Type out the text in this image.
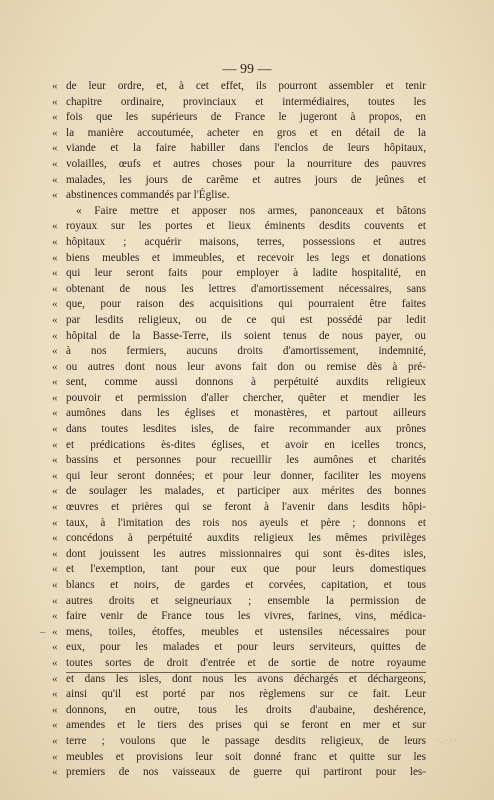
— 99 —
« de leur ordre, et, à cet effet, ils pourront assembler et tenir
« chapitre ordinaire, provinciaux et intermédiaires, toutes les
« fois que les supérieurs de France le jugeront à propos, en
« la manière accoutumée, acheter en gros et en détail de la
« viande et la faire habiller dans l'enclos de leurs hôpitaux,
« volailles, œufs et autres choses pour la nourriture des pauvres
« malades, les jours de carême et autres jours de jeûnes et
« abstinences commandés par l'Église.
« Faire mettre et apposer nos armes, panonceaux et bâtons
« royaux sur les portes et lieux éminents desdits couvents et
« hôpitaux ; acquérir maisons, terres, possessions et autres
« biens meubles et immeubles, et recevoir les legs et donations
« qui leur seront faits pour employer à ladite hospitalité, en
« obtenant de nous les lettres d'amortissement nécessaires, sans
« que, pour raison des acquisitions qui pourraient être faites
« par lesdits religieux, ou de ce qui est possédé par ledit
« hôpital de la Basse-Terre, ils soient tenus de nous payer, ou
« à nos fermiers, aucuns droits d'amortissement, indemnité,
« ou autres dont nous leur avons fait don ou remise dès à pré-
« sent, comme aussi donnons à perpétuité auxdits religieux
« pouvoir et permission d'aller chercher, quêter et mendier les
« aumônes dans les églises et monastères, et partout ailleurs
« dans toutes lesdites isles, de faire recommander aux prônes
« et prédications ès-dites églises, et avoir en icelles troncs,
« bassins et personnes pour recueillir les aumônes et charités
« qui leur seront données; et pour leur donner, faciliter les moyens
« de soulager les malades, et participer aux mérites des bonnes
« œuvres et prières qui se feront à l'avenir dans lesdits hôpi-
« taux, à l'imitation des rois nos ayeuls et père ; donnons et
« concédons à perpétuité auxdits religieux les mêmes privilèges
« dont jouissent les autres missionnaires qui sont ès-dites isles,
« et l'exemption, tant pour eux que pour leurs domestiques
« blancs et noirs, de gardes et corvées, capitation, et tous
« autres droits et seigneuriaux ; ensemble la permission de
« faire venir de France tous les vivres, farines, vins, médica-
– « mens, toiles, étoffes, meubles et ustensiles nécessaires pour
« eux, pour les malades et pour leurs serviteurs, quittes de
« toutes sortes de droit d'entrée et de sortie de notre royaume
« et dans les isles, dont nous les avons déchargés et déchargeons,
« ainsi qu'il est porté par nos règlemens sur ce fait. Leur
« donnons, en outre, tous les droits d'aubaine, deshérence,
« amendes et le tiers des prises qui se feront en mer et sur
« terre ; voulons que le passage desdits religieux, de leurs
« meubles et provisions leur soit donné franc et quitte sur les
« premiers de nos vaisseaux de guerre qui partiront pour les-
·.·:·
